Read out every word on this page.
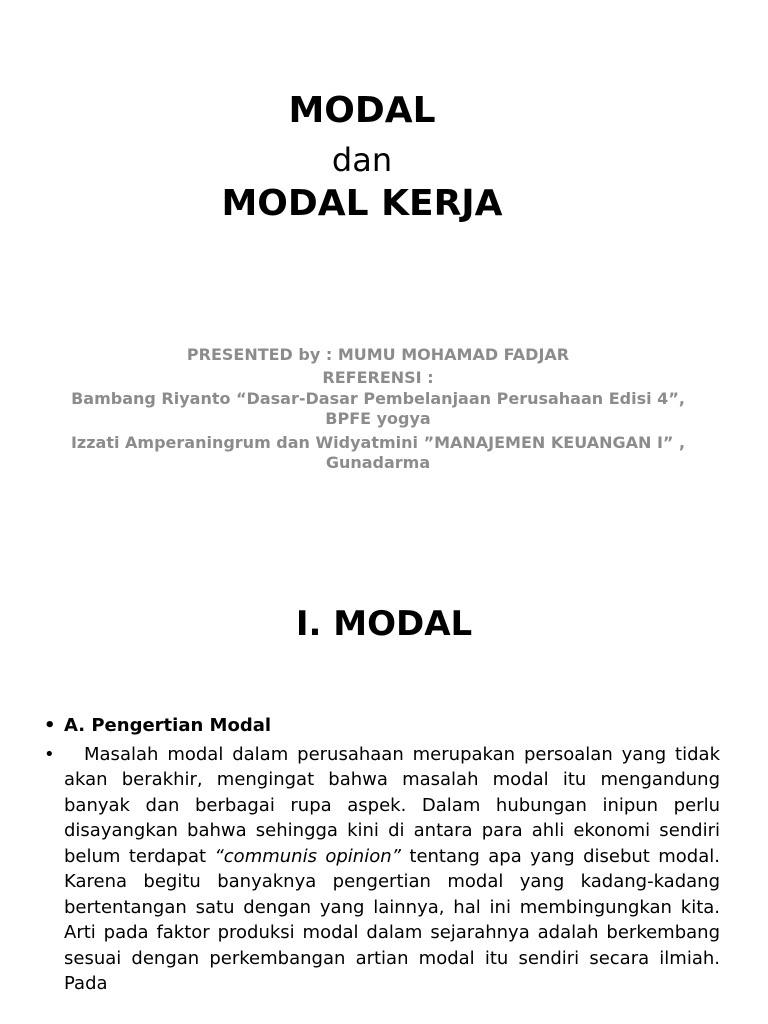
MODAL
dan
MODAL KERJA

PRESENTED by : MUMU MOHAMAD FADJAR

REFERENSI :

Bambang Riyanto “Dasar-Dasar Pembelanjaan Perusahaan Edisi 4”, BPFE yogya

Izzati Amperaningrum dan Widyatmini ”MANAJEMEN KEUANGAN I” , Gunadarma

I. MODAL
• A. Pengertian Modal
• Masalah modal dalam perusahaan merupakan persoalan yang tidak akan berakhir, mengingat bahwa masalah modal itu mengandung banyak dan berbagai rupa aspek. Dalam hubungan inipun perlu disayangkan bahwa sehingga kini di antara para ahli ekonomi sendiri belum terdapat “communis opinion” tentang apa yang disebut modal. Karena begitu banyaknya pengertian modal yang kadang-kadang bertentangan satu dengan yang lainnya, hal ini membingungkan kita. Arti pada faktor produksi modal dalam sejarahnya adalah berkembang sesuai dengan perkembangan artian modal itu sendiri secara ilmiah. Pada
